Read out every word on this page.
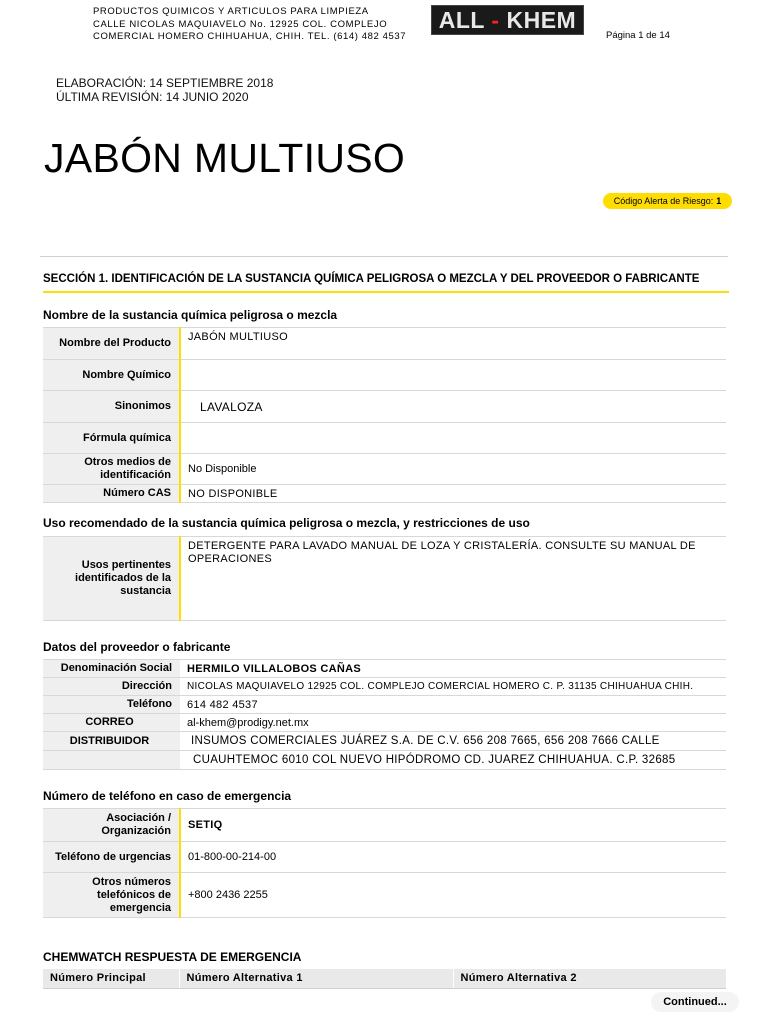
PRODUCTOS QUIMICOS Y ARTICULOS PARA LIMPIEZA
CALLE NICOLAS MAQUIAVELO No. 12925 COL. COMPLEJO
COMERCIAL HOMERO CHIHUAHUA, CHIH. TEL. (614) 482 4537
ALL - KHEM
Página 1 de 14
ELABORACIÓN: 14 SEPTIEMBRE 2018
ÚLTIMA REVISIÓN: 14 JUNIO 2020
JABÓN MULTIUSO
Código Alerta de Riesgo: 1
SECCIÓN 1. IDENTIFICACIÓN DE LA SUSTANCIA QUÍMICA PELIGROSA O MEZCLA Y DEL PROVEEDOR O FABRICANTE
Nombre de la sustancia química peligrosa o mezcla
Nombre del Producto	JABÓN MULTIUSO
Nombre Químico	
Sinonimos	LAVALOZA
Fórmula química	
Otros medios de identificación	No Disponible
Número CAS	NO DISPONIBLE
Uso recomendado de la sustancia química peligrosa o mezcla, y restricciones de uso
Usos pertinentes identificados de la sustancia	DETERGENTE PARA LAVADO MANUAL DE LOZA Y CRISTALERÍA. CONSULTE SU MANUAL DE OPERACIONES
Datos del proveedor o fabricante
Denominación Social	HERMILO VILLALOBOS CAÑAS
Dirección	NICOLAS MAQUIAVELO 12925 COL. COMPLEJO COMERCIAL HOMERO C. P. 31135 CHIHUAHUA CHIH.
Teléfono	614 482 4537
CORREO	al-khem@prodigy.net.mx
DISTRIBUIDOR	INSUMOS COMERCIALES JUÁREZ S.A. DE C.V. 656 208 7665, 656 208 7666 CALLE
	CUAUHTEMOC 6010 COL NUEVO HIPÓDROMO CD. JUAREZ CHIHUAHUA. C.P. 32685
Número de teléfono en caso de emergencia
Asociación / Organización	SETIQ
Teléfono de urgencias	01-800-00-214-00
Otros números telefónicos de emergencia	+800 2436 2255
CHEMWATCH RESPUESTA DE EMERGENCIA
Número Principal	Número Alternativa 1	Número Alternativa 2
Continued...
